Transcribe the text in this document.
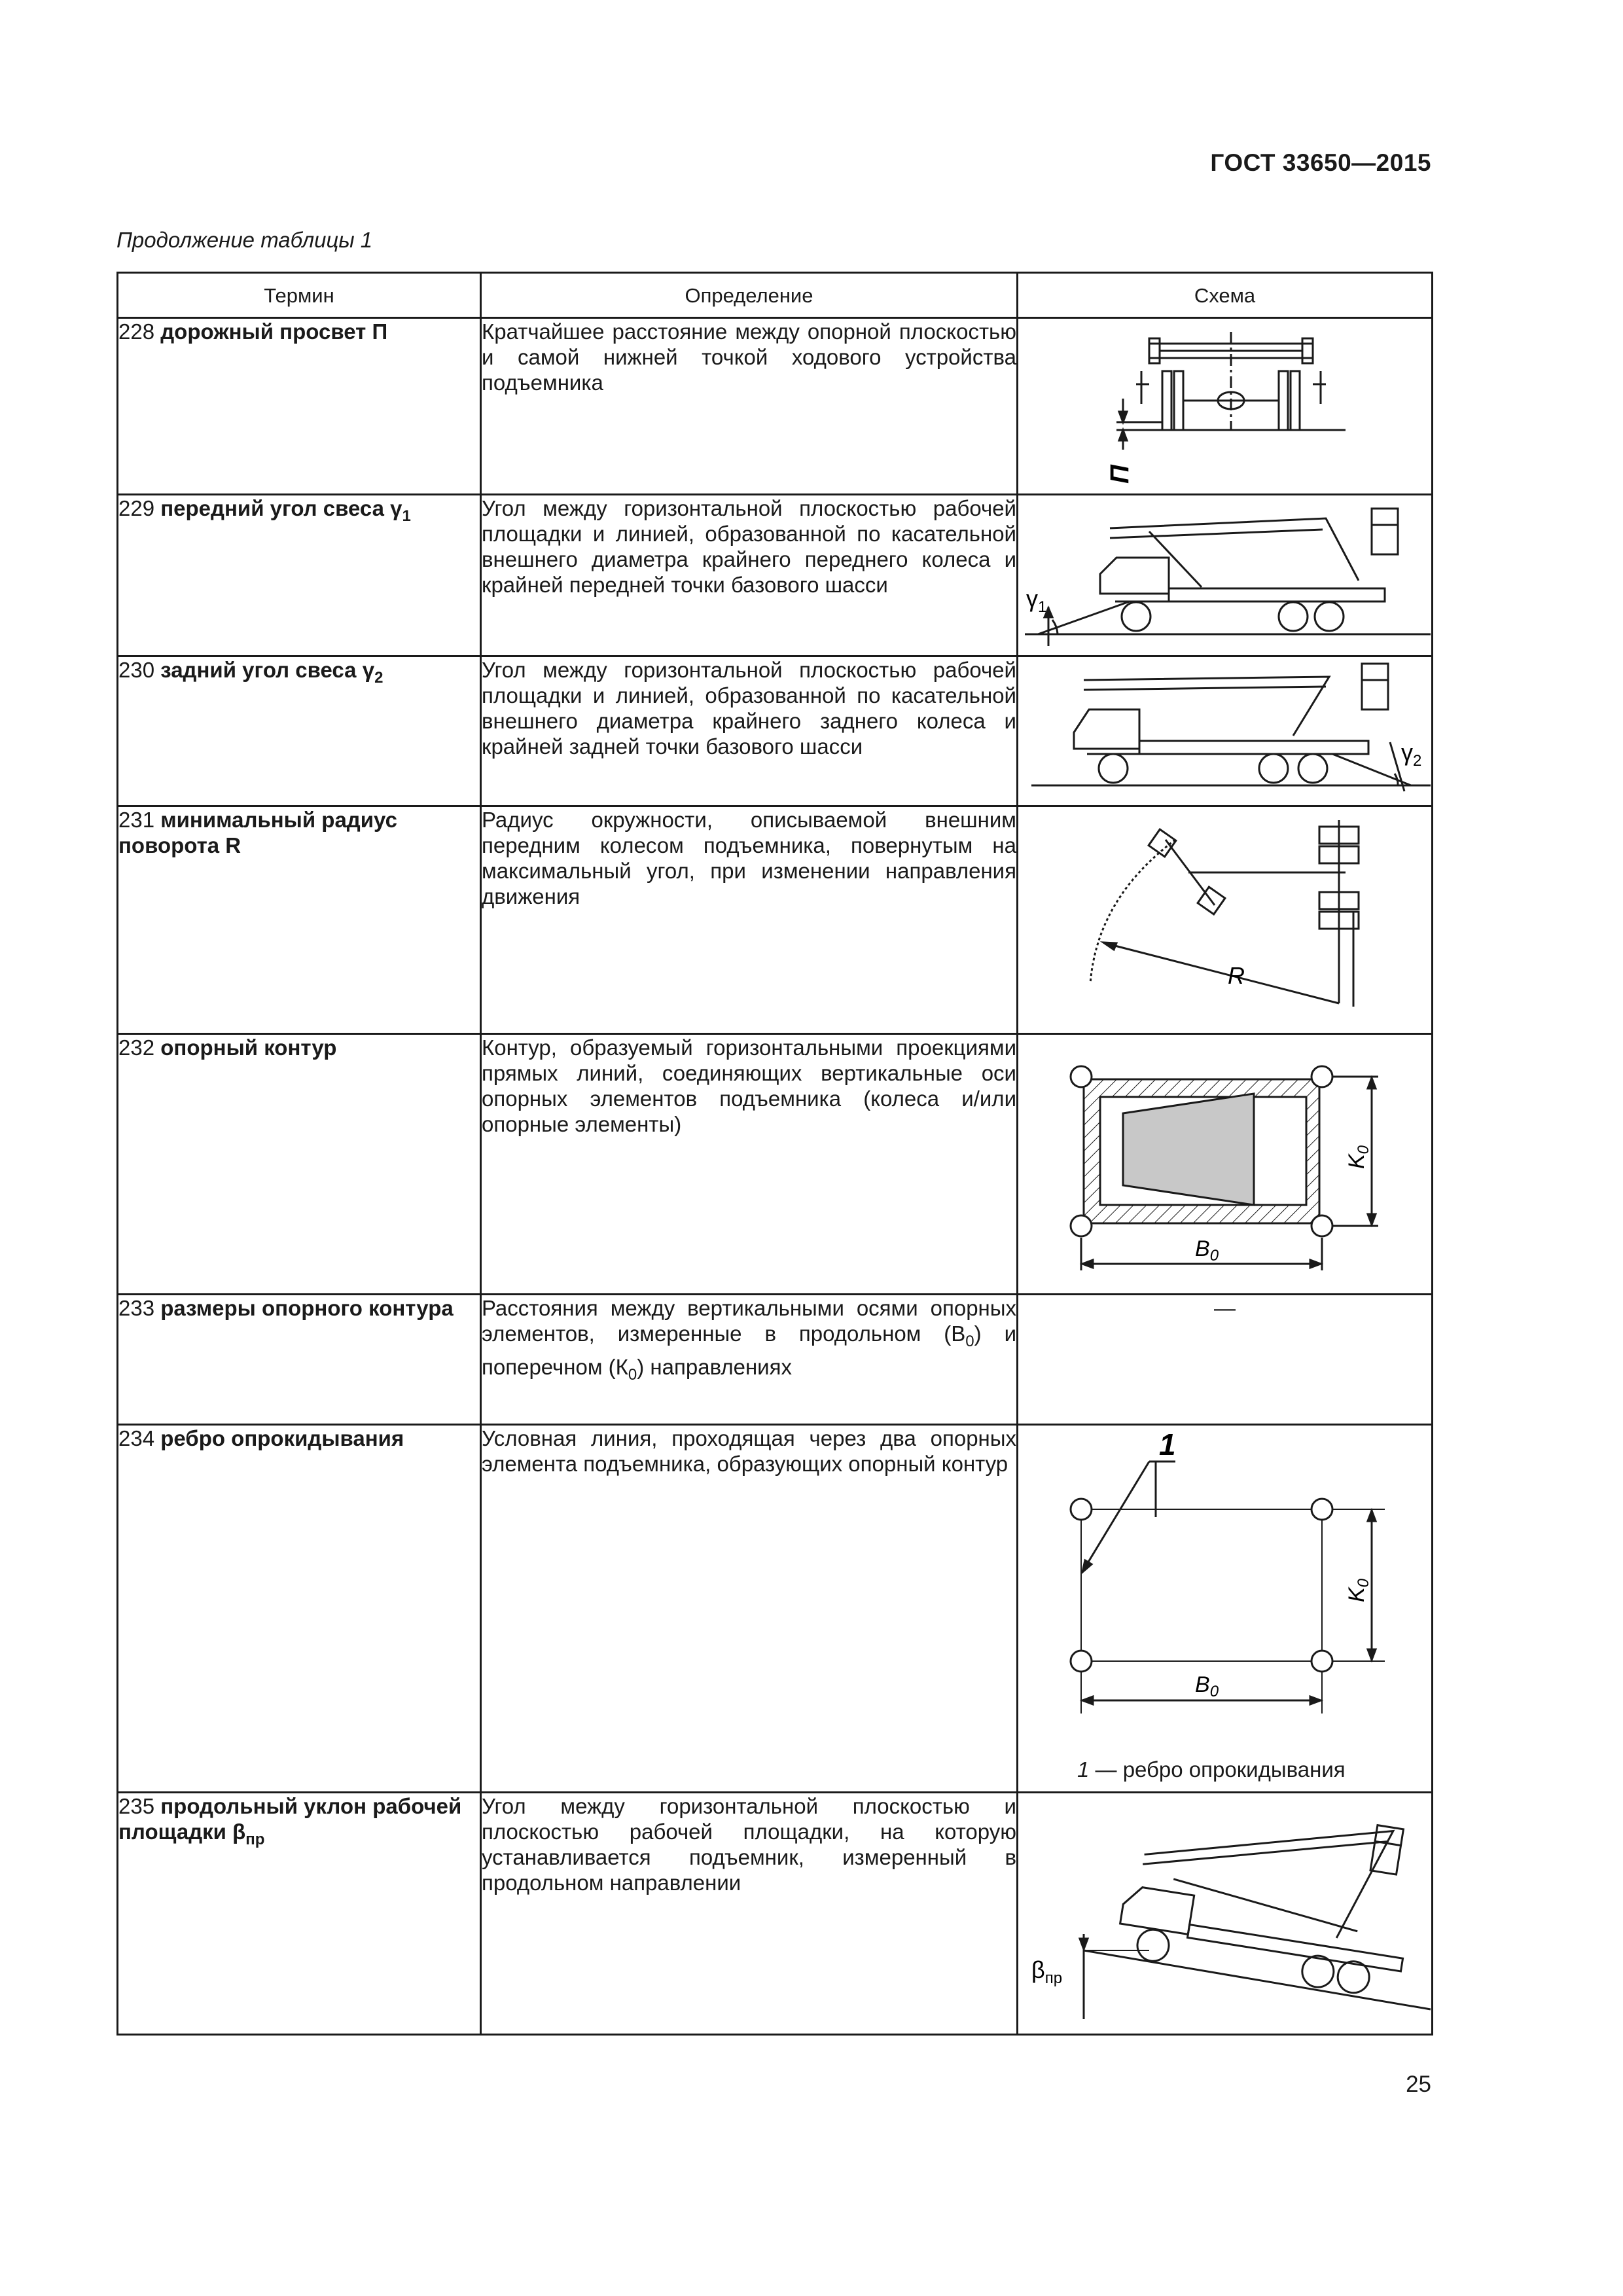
ГОСТ 33650—2015
Продолжение таблицы 1
Термин	Определение	Схема
228 дорожный просвет П	Кратчайшее расстояние между опорной плоскостью и самой нижней точкой ходового устройства подъемника	П

229 передний угол свеса $\gamma_1$	Угол между горизонтальной плоскостью рабочей площадки и линией, образованной по касательной внешнего диаметра крайнего переднего колеса и крайней передней точки базового шасси	$\gamma_1$

230 задний угол свеса $\gamma_2$	Угол между горизонтальной плоскостью рабочей площадки и линией, образованной по касательной внешнего диаметра крайнего заднего колеса и крайней задней точки базового шасси	$\gamma_2$

231 минимальный радиус поворота R	Радиус окружности, описываемой внешним передним колесом подъемника, повернутым на максимальный угол, при изменении направления движения	R

232 опорный контур	Контур, образуемый горизонтальными проекциями прямых линий, соединяющих вертикальные оси опорных элементов подъемника (колеса и/или опорные элементы)	$K_0$
$B_0$

233 размеры опорного контура	Расстояния между вертикальными осями опорных элементов, измеренные в продольном $(В_0)$ и поперечном $(К_0)$ направлениях	—
234 ребро опрокидывания	Условная линия, проходящая через два опорных элемента подъемника, образующих опорный контур	1
$K_0$
$B_0$
1 — ребро опрокидывания

235 продольный уклон рабочей площадки $\beta_{пр}$	Угол между горизонтальной плоскостью и плоскостью рабочей площадки, на которую устанавливается подъемник, измеренный в продольном направлении	$\beta_{пр}$
25
